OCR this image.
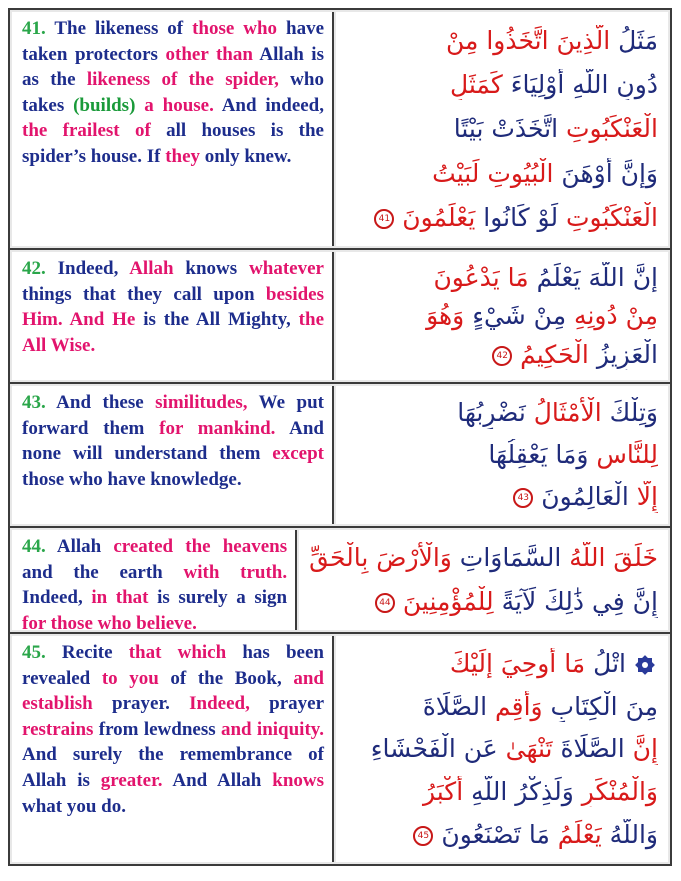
41. The likeness of those who have taken protectors other than Allah is as the likeness of the spider, who takes (builds) a house. And indeed, the frailest of all houses is the spider’s house. If they only knew.

مَثَلُ الَّذِينَ اتَّخَذُوا مِنْ
دُونِ اللَّهِ أَوْلِيَاءَ كَمَثَلِ
الْعَنْكَبُوتِ اتَّخَذَتْ بَيْتًا
وَإِنَّ أَوْهَنَ الْبُيُوتِ لَبَيْتُ
الْعَنْكَبُوتِ لَوْ كَانُوا يَعْلَمُونَ 41

42. Indeed, Allah knows whatever things that they call upon besides Him. And He is the All Mighty, the All Wise.

إِنَّ اللَّهَ يَعْلَمُ مَا يَدْعُونَ
مِنْ دُونِهِ مِنْ شَيْءٍ وَهُوَ
الْعَزِيزُ الْحَكِيمُ 42

43. And these similitudes, We put forward them for mankind. And none will understand them except those who have knowledge.

وَتِلْكَ الْأَمْثَالُ نَضْرِبُهَا
لِلنَّاسِ وَمَا يَعْقِلُهَا
إِلَّا الْعَالِمُونَ 43

44. Allah created the heavens and the earth with truth. Indeed, in that is surely a sign for those who believe.

خَلَقَ اللَّهُ السَّمَاوَاتِ وَالْأَرْضَ بِالْحَقِّ
إِنَّ فِي ذَٰلِكَ لَآيَةً لِلْمُؤْمِنِينَ 44

45. Recite that which has been revealed to you of the Book, and establish prayer. Indeed, prayer restrains from lewdness and iniquity. And surely the remembrance of Allah is greater. And Allah knows what you do.

اتْلُ مَا أُوحِيَ إِلَيْكَ
مِنَ الْكِتَابِ وَأَقِمِ الصَّلَاةَ
إِنَّ الصَّلَاةَ تَنْهَىٰ عَنِ الْفَحْشَاءِ
وَالْمُنْكَرِ وَلَذِكْرُ اللَّهِ أَكْبَرُ
وَاللَّهُ يَعْلَمُ مَا تَصْنَعُونَ 45
